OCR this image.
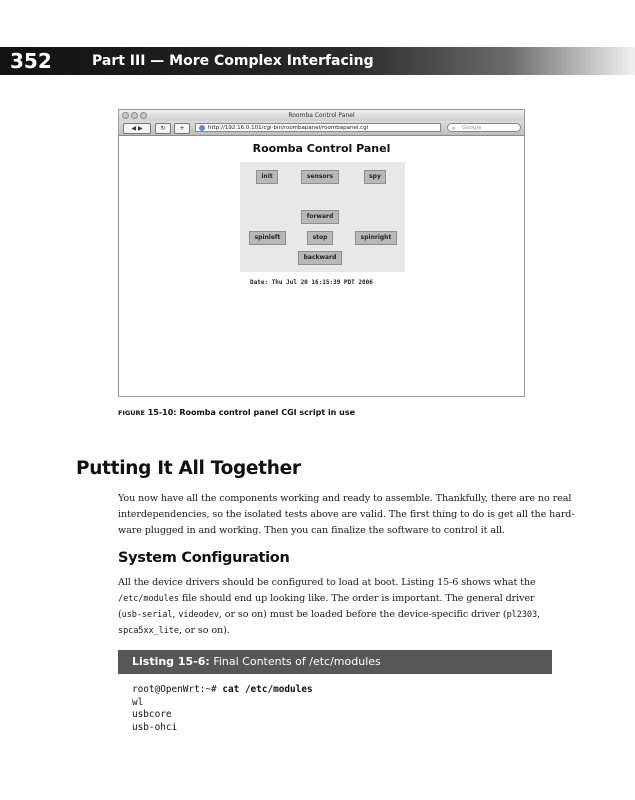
352	Part III — More Complex Interfacing
Roomba Control Panel
◀ ▶	↻	+	http://192.16.0.101/cgi-bin/roombapanel/roombapanel.cgi	⌕ Google
Roomba Control Panel
init	sensors	spy
forward
spinleft	stop	spinright
backward
Date: Thu Jul 20 16:15:39 PDT 2006
FIGURE 15-10: Roomba control panel CGI script in use
Putting It All Together
You now have all the components working and ready to assemble. Thankfully, there are no real
interdependencies, so the isolated tests above are valid. The first thing to do is get all the hard-
ware plugged in and working. Then you can finalize the software to control it all.
System Configuration
All the device drivers should be configured to load at boot. Listing 15-6 shows what the
/etc/modules file should end up looking like. The order is important. The general driver
(usb-serial, videodev, or so on) must be loaded before the device-specific driver (pl2303,
spca5xx_lite, or so on).
Listing 15-6: Final Contents of /etc/modules
root@OpenWrt:~# cat /etc/modules
wl
usbcore
usb-ohci
